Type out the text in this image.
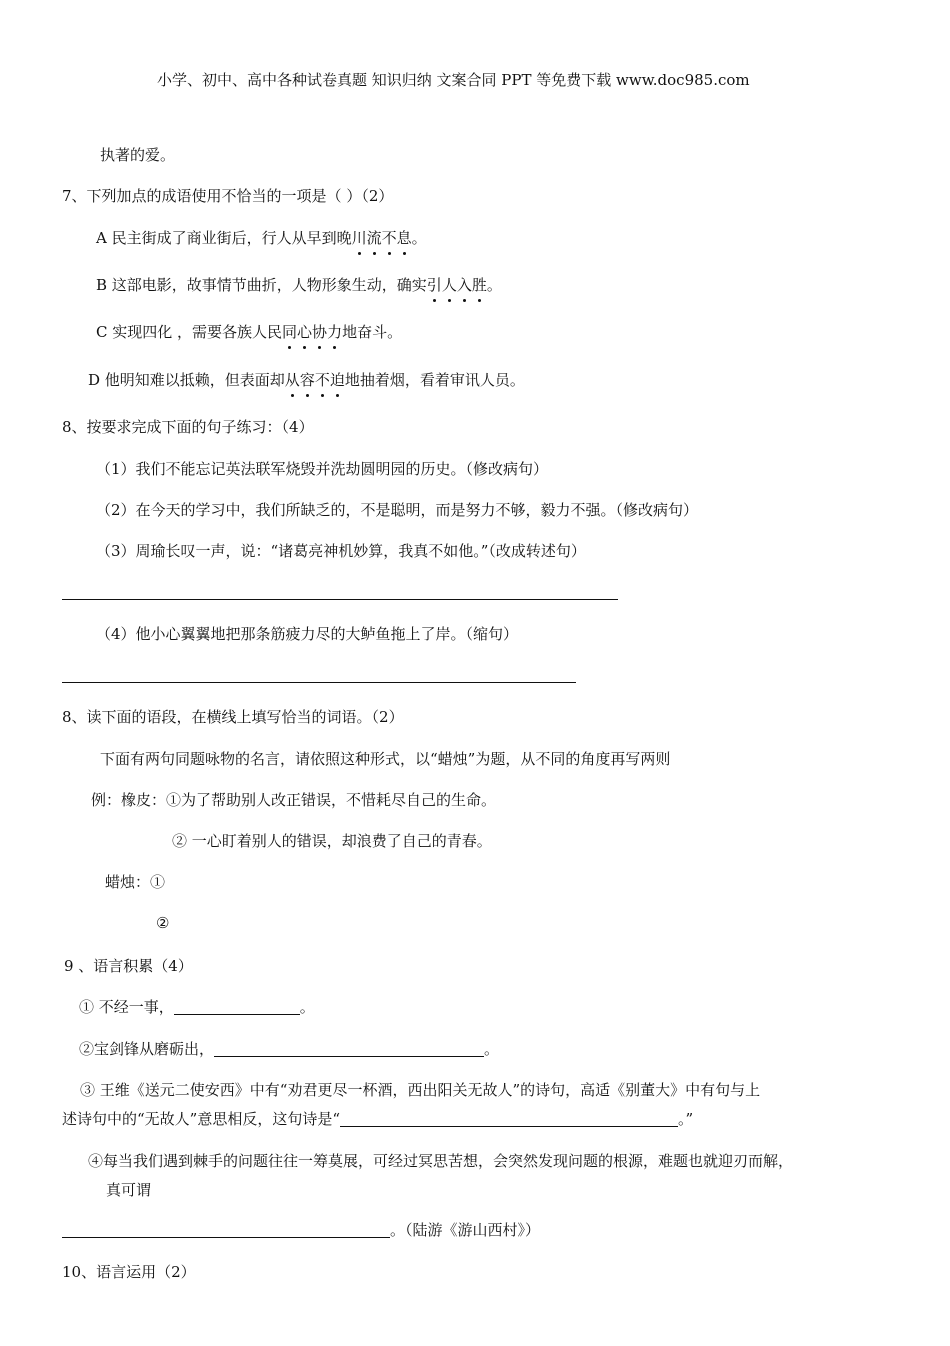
小学、初中、高中各种试卷真题 知识归纳 文案合同 PPT 等免费下载 www.doc985.com
执著的爱。
7、下列加点的成语使用不恰当的一项是（ ）（2）
A 民主街成了商业街后，行人从早到晚川流不息。
B 这部电影，故事情节曲折，人物形象生动，确实引人入胜。
C 实现四化 ，需要各族人民同心协力地奋斗。
D 他明知难以抵赖，但表面却从容不迫地抽着烟，看着审讯人员。
8、按要求完成下面的句子练习：（4）
（1）我们不能忘记英法联军烧毁并洗劫圆明园的历史。（修改病句）
（2）在今天的学习中，我们所缺乏的，不是聪明，而是努力不够，毅力不强。（修改病句）
（3）周瑜长叹一声，说：“诸葛亮神机妙算，我真不如他。”（改成转述句）
（4）他小心翼翼地把那条筋疲力尽的大鲈鱼拖上了岸。（缩句）
8、读下面的语段，在横线上填写恰当的词语。（2）
下面有两句同题咏物的名言，请依照这种形式，以“蜡烛”为题，从不同的角度再写两则
例：橡皮：①为了帮助别人改正错误，不惜耗尽自己的生命。
② 一心盯着别人的错误，却浪费了自己的青春。
蜡烛：①
②
9 、语言积累（4）
① 不经一事，	。
②宝剑锋从磨砺出，	。
③ 王维《送元二使安西》中有“劝君更尽一杯酒，西出阳关无故人”的诗句，高适《别董大》中有句与上
述诗句中的“无故人”意思相反，这句诗是“	。”
④每当我们遇到棘手的问题往往一筹莫展，可经过冥思苦想，会突然发现问题的根源，难题也就迎刃而解，
真可谓
。（陆游《游山西村》）
10、语言运用（2）
